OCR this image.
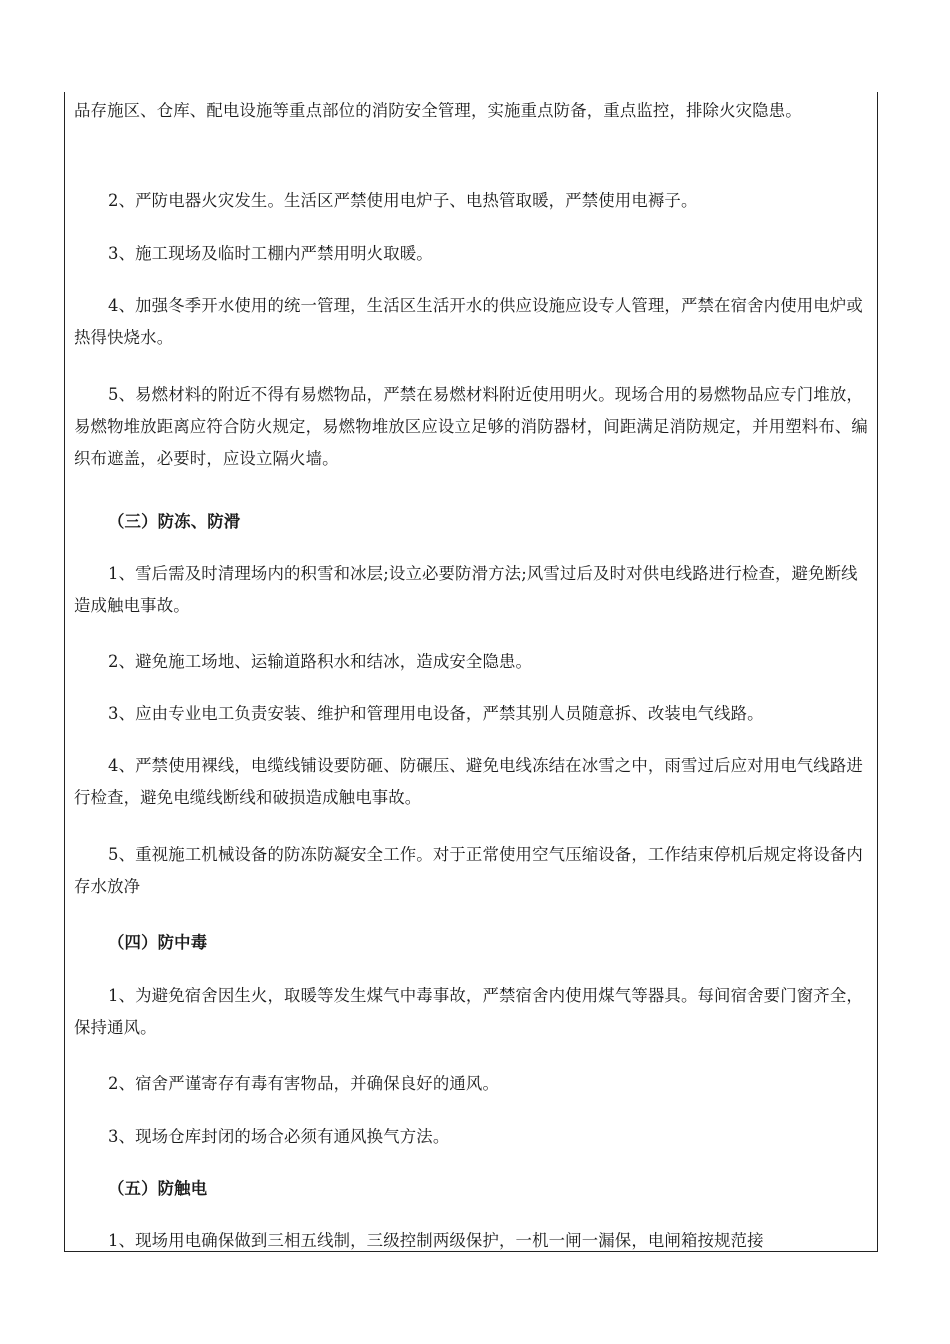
品存施区、仓库、配电设施等重点部位的消防安全管理，实施重点防备，重点监控，排除火灾隐患。

2、严防电器火灾发生。生活区严禁使用电炉子、电热管取暖，严禁使用电褥子。

3、施工现场及临时工棚内严禁用明火取暖。

4、加强冬季开水使用的统一管理，生活区生活开水的供应设施应设专人管理，严禁在宿舍内使用电炉或热得快烧水。

5、易燃材料的附近不得有易燃物品，严禁在易燃材料附近使用明火。现场合用的易燃物品应专门堆放，易燃物堆放距离应符合防火规定，易燃物堆放区应设立足够的消防器材，间距满足消防规定，并用塑料布、编织布遮盖，必要时，应设立隔火墙。

（三）防冻、防滑

1、雪后需及时清理场内的积雪和冰层;设立必要防滑方法;风雪过后及时对供电线路进行检查，避免断线造成触电事故。

2、避免施工场地、运输道路积水和结冰，造成安全隐患。

3、应由专业电工负责安装、维护和管理用电设备，严禁其别人员随意拆、改装电气线路。

4、严禁使用裸线，电缆线铺设要防砸、防碾压、避免电线冻结在冰雪之中，雨雪过后应对用电气线路进行检查，避免电缆线断线和破损造成触电事故。

5、重视施工机械设备的防冻防凝安全工作。对于正常使用空气压缩设备，工作结束停机后规定将设备内存水放净

（四）防中毒

1、为避免宿舍因生火，取暖等发生煤气中毒事故，严禁宿舍内使用煤气等器具。每间宿舍要门窗齐全，保持通风。

2、宿舍严谨寄存有毒有害物品，并确保良好的通风。

3、现场仓库封闭的场合必须有通风换气方法。

（五）防触电

1、现场用电确保做到三相五线制，三级控制两级保护，一机一闸一漏保，电闸箱按规范接
